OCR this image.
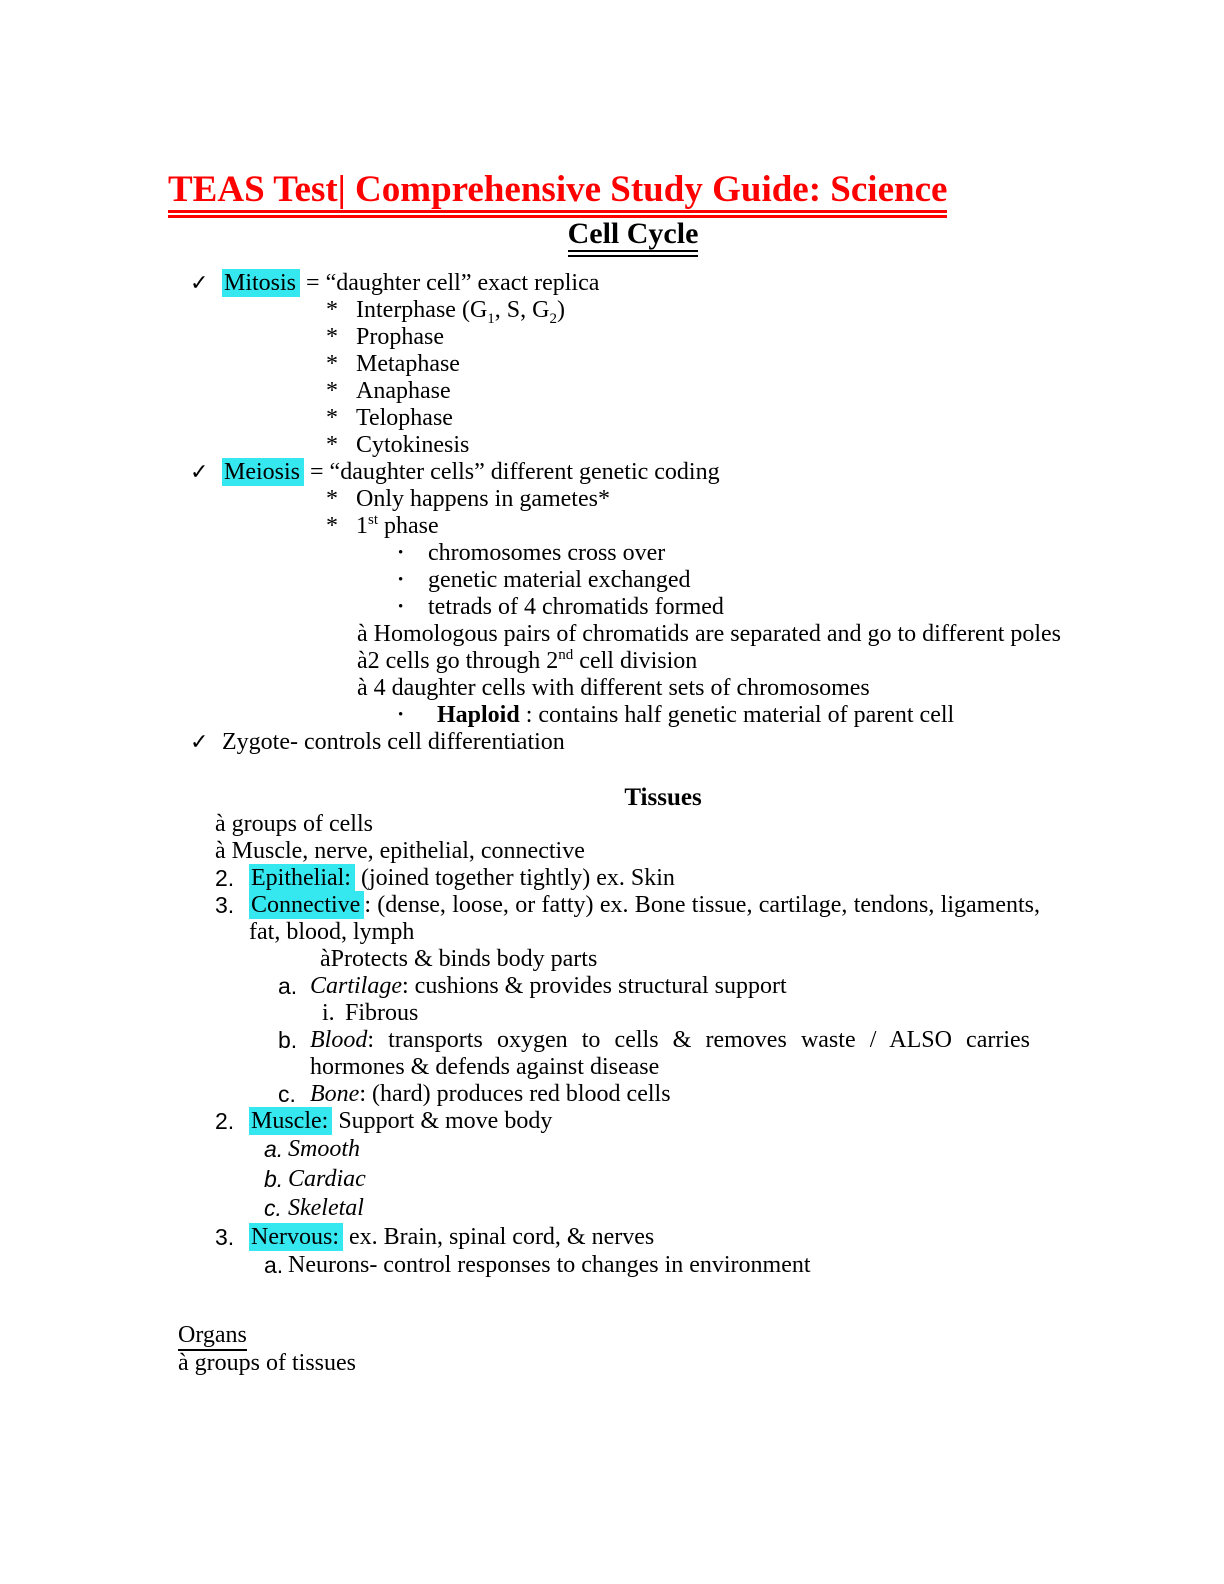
TEAS Test| Comprehensive Study Guide: Science
Cell Cycle
✓ Mitosis = “daughter cell” exact replica
* Interphase ($G_1$, S, $G_2$)
* Prophase
* Metaphase
* Anaphase
* Telophase
* Cytokinesis
✓ Meiosis = “daughter cells” different genetic coding
* Only happens in gametes*
* 1st phase
• chromosomes cross over
• genetic material exchanged
• tetrads of 4 chromatids formed
à Homologous pairs of chromatids are separated and go to different poles
à2 cells go through 2nd cell division
à 4 daughter cells with different sets of chromosomes
• Haploid : contains half genetic material of parent cell
✓ Zygote- controls cell differentiation
Tissues
à groups of cells
à Muscle, nerve, epithelial, connective
2. Epithelial: (joined together tightly) ex. Skin
3. Connective : (dense, loose, or fatty) ex. Bone tissue, cartilage, tendons, ligaments, fat, blood, lymph
àProtects & binds body parts
a. Cartilage: cushions & provides structural support
i. Fibrous
b. Blood: transports oxygen to cells & removes waste / ALSO carries hormones & defends against disease
c. Bone: (hard) produces red blood cells
2. Muscle: Support & move body
a. Smooth
b. Cardiac
c. Skeletal
3. Nervous: ex. Brain, spinal cord, & nerves
a. Neurons- control responses to changes in environment
Organs
à groups of tissues
